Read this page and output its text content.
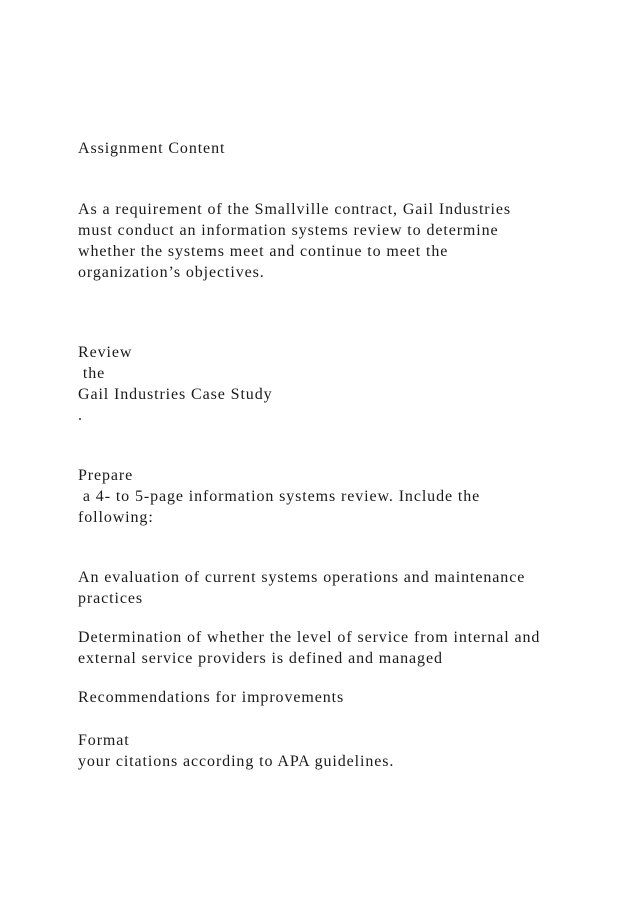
Assignment Content
As a requirement of the Smallville contract, Gail Industries
must conduct an information systems review to determine
whether the systems meet and continue to meet the
organization’s objectives.
Review
the
Gail Industries Case Study
.
Prepare
a 4- to 5-page information systems review. Include the
following:
An evaluation of current systems operations and maintenance
practices
Determination of whether the level of service from internal and
external service providers is defined and managed
Recommendations for improvements
Format
your citations according to APA guidelines.
